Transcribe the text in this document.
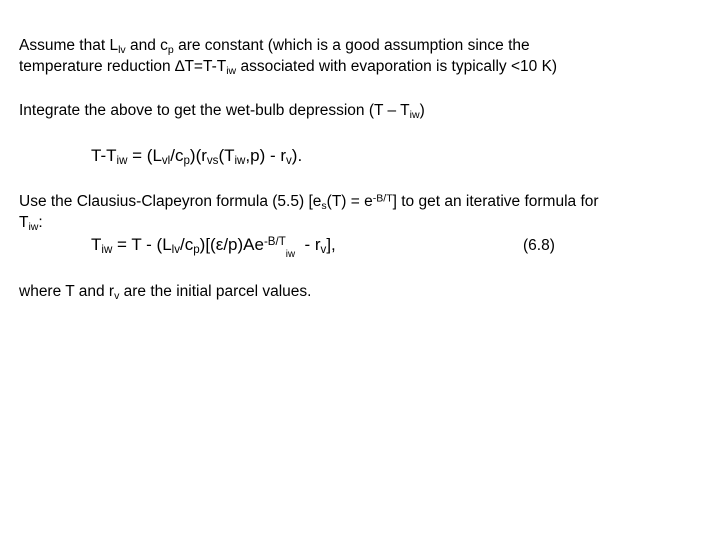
Assume that $L_{lv}$ and $c_p$ are constant (which is a good assumption since the
temperature reduction $\Delta T=T-T_{iw}$ associated with evaporation is typically <10 K)

Integrate the above to get the wet-bulb depression $(T - T_{iw})$

$T-T_{iw} = (L_{vl}/c_p)(r_{vs}(T_{iw},p) - r_v)$.

Use the Clausius-Clapeyron formula (5.5) $[e_s(T) = e^{-B/T}]$ to get an iterative formula for
$T_{iw}$:

$T_{iw} = T - (L_{lv}/c_p)[(\varepsilon/p)Ae^{-B/T_{iw}} - r_v]$,	(6.8)

where T and $r_v$ are the initial parcel values.
